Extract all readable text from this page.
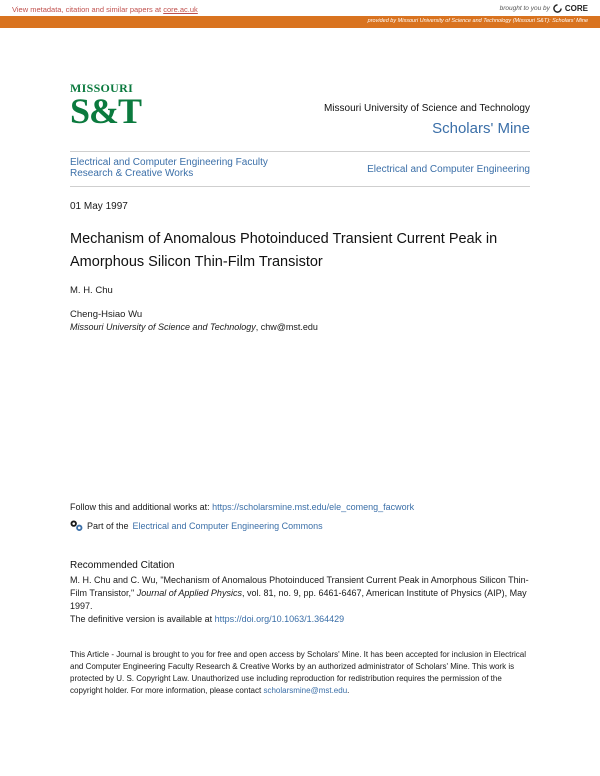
View metadata, citation and similar papers at core.ac.uk	brought to you by CORE
provided by Missouri University of Science and Technology (Missouri S&T): Scholars' Mine
MISSOURI
S&T	Missouri University of Science and Technology
Scholars' Mine
Electrical and Computer Engineering Faculty Research & Creative Works	Electrical and Computer Engineering
01 May 1997
Mechanism of Anomalous Photoinduced Transient Current Peak in Amorphous Silicon Thin-Film Transistor
M. H. Chu
Cheng-Hsiao Wu
Missouri University of Science and Technology, chw@mst.edu
Follow this and additional works at: https://scholarsmine.mst.edu/ele_comeng_facwork
Part of the Electrical and Computer Engineering Commons
Recommended Citation
M. H. Chu and C. Wu, "Mechanism of Anomalous Photoinduced Transient Current Peak in Amorphous Silicon Thin-Film Transistor," Journal of Applied Physics, vol. 81, no. 9, pp. 6461-6467, American Institute of Physics (AIP), May 1997.
The definitive version is available at https://doi.org/10.1063/1.364429
This Article - Journal is brought to you for free and open access by Scholars' Mine. It has been accepted for inclusion in Electrical and Computer Engineering Faculty Research & Creative Works by an authorized administrator of Scholars' Mine. This work is protected by U. S. Copyright Law. Unauthorized use including reproduction for redistribution requires the permission of the copyright holder. For more information, please contact scholarsmine@mst.edu.
